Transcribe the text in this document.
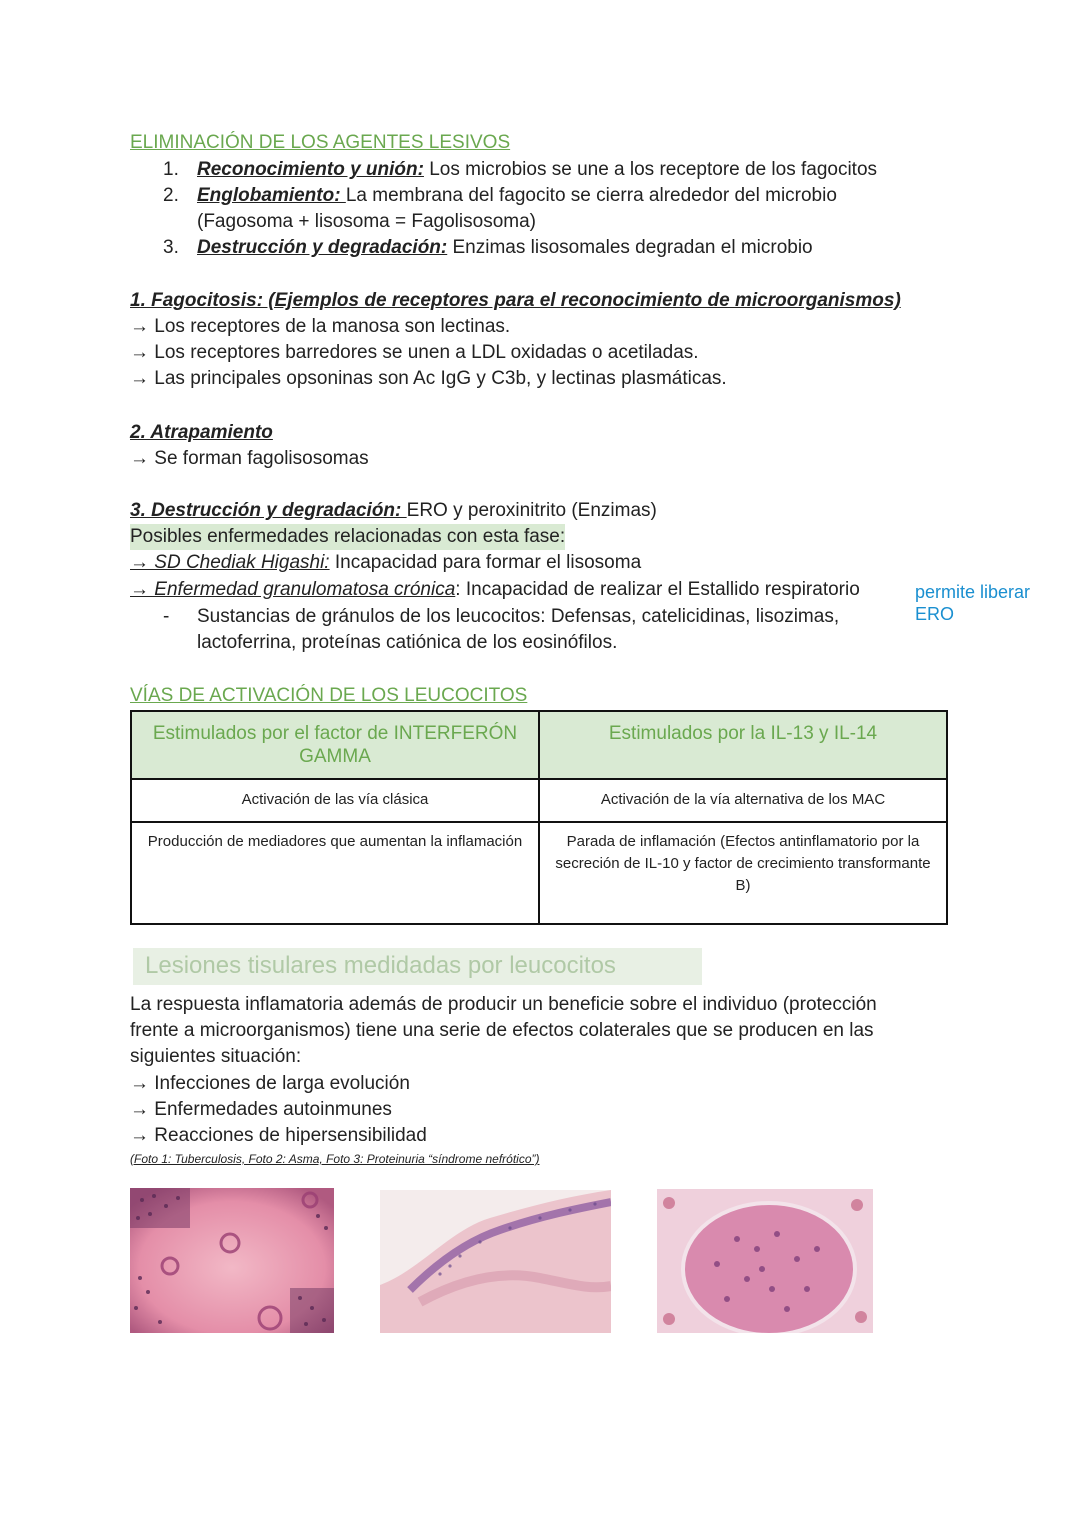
ELIMINACIÓN DE LOS AGENTES LESIVOS
1. Reconocimiento y unión: Los microbios se une a los receptore de los fagocitos
2. Englobamiento: La membrana del fagocito se cierra alrededor del microbio
(Fagosoma + lisosoma = Fagolisosoma)
3. Destrucción y degradación: Enzimas lisosomales degradan el microbio
1. Fagocitosis: (Ejemplos de receptores para el reconocimiento de microorganismos)
→ Los receptores de la manosa son lectinas.
→ Los receptores barredores se unen a LDL oxidadas o acetiladas.
→ Las principales opsoninas son Ac IgG y C3b, y lectinas plasmáticas.
2. Atrapamiento
→ Se forman fagolisosomas
3. Destrucción y degradación: ERO y peroxinitrito (Enzimas)
Posibles enfermedades relacionadas con esta fase:
→ SD Chediak Higashi: Incapacidad para formar el lisosoma
→ Enfermedad granulomatosa crónica: Incapacidad de realizar el Estallido respiratorio	permite liberar
ERO
- Sustancias de gránulos de los leucocitos: Defensas, catelicidinas, lisozimas,
lactoferrina, proteínas catiónica de los eosinófilos.
VÍAS DE ACTIVACIÓN DE LOS LEUCOCITOS
Estimulados por el factor de INTERFERÓN GAMMA	Estimulados por la IL-13 y IL-14
Activación de las vía clásica	Activación de la vía alternativa de los MAC
Producción de mediadores que aumentan la inflamación	Parada de inflamación (Efectos antinflamatorio por la secreción de IL-10 y factor de crecimiento transformante B)
Lesiones tisulares medidadas por leucocitos
La respuesta inflamatoria además de producir un beneficie sobre el individuo (protección
frente a microorganismos) tiene una serie de efectos colaterales que se producen en las
siguientes situación:
→ Infecciones de larga evolución
→ Enfermedades autoinmunes
→ Reacciones de hipersensibilidad
(Foto 1: Tuberculosis, Foto 2: Asma, Foto 3: Proteinuria “síndrome nefrótico”)
